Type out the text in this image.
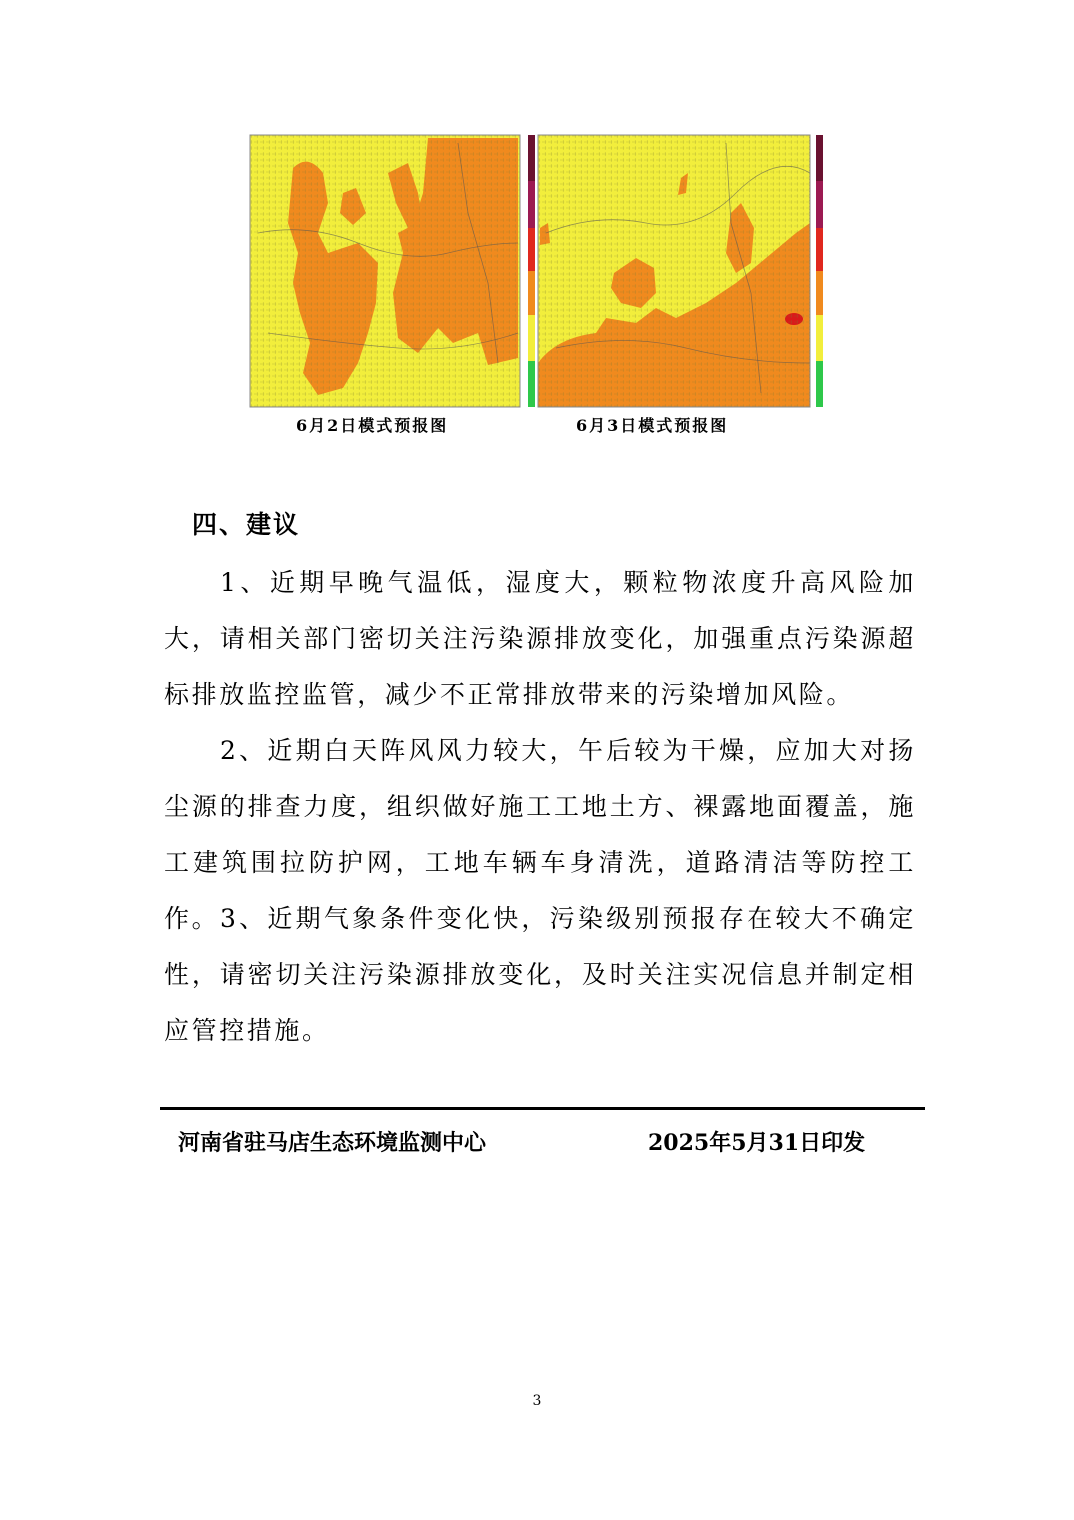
6月2日模式预报图	6月3日模式预报图
四、建议

1、近期早晚气温低，湿度大，颗粒物浓度升高风险加大，请相关部门密切关注污染源排放变化，加强重点污染源超标排放监控监管，减少不正常排放带来的污染增加风险。

2、近期白天阵风风力较大，午后较为干燥，应加大对扬尘源的排查力度，组织做好施工工地土方、裸露地面覆盖，施工建筑围拉防护网，工地车辆车身清洗，道路清洁等防控工作。 3、近期气象条件变化快，污染级别预报存在较大不确定性，请密切关注污染源排放变化，及时关注实况信息并制定相应管控措施。

河南省驻马店生态环境监测中心	2025年5月31日印发
3
